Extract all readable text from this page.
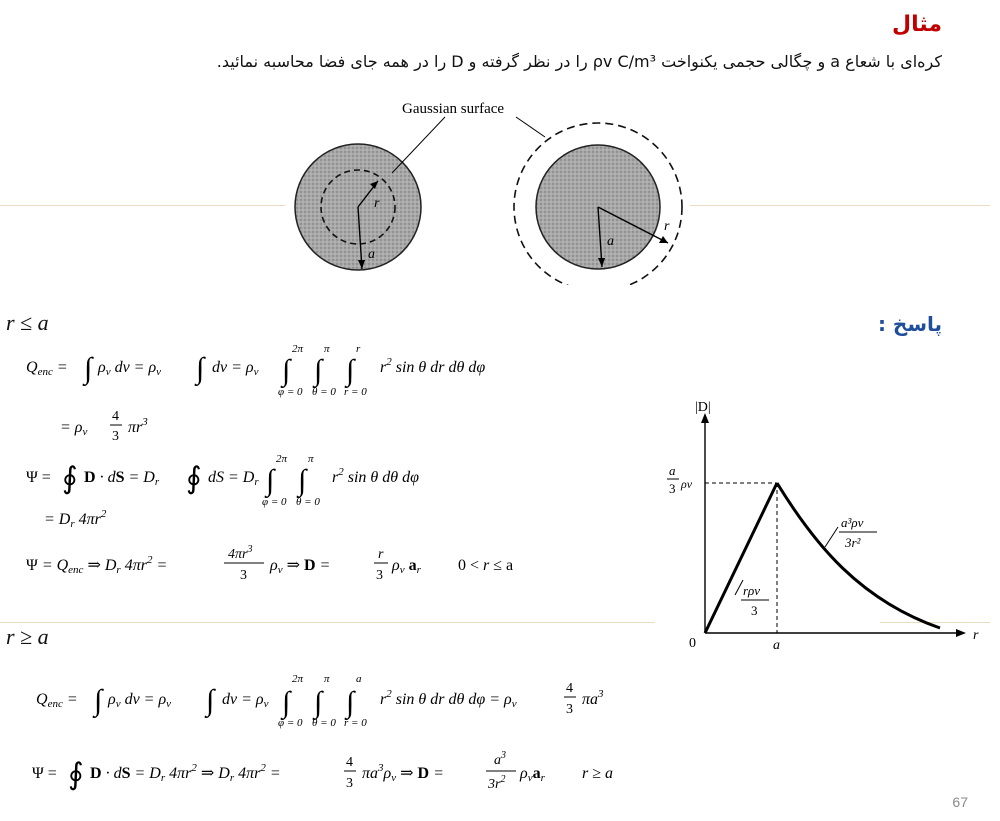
مثال
کره‌ای با شعاع a و چگالی حجمی یکنواخت ρv C/m³ را در نظر گرفته و D را در همه جای فضا محاسبه نمائید.
r
a
r
a
Gaussian surface
پاسخ :
r ≤ a
Qenc = ∫ ρv dv = ρv ∫ dv = ρv ∫
2π
φ = 0
∫
π
θ = 0
∫
r
r = 0
$r^2$ sin θ dr dθ dφ
= ρv
4
3
$\pi r^3$
Ψ = ∮ D · dS = Dr ∮ dS = Dr ∫
2π
φ = 0
∫
π
θ = 0
$r^2$ sin θ dθ dφ
= Dr $4\pi r^2$
Ψ = Qenc ⇒ Dr $4\pi r^2$ =
$4\pi r^3$
3
ρv ⇒ D =
r
3
ρv ar 0 < r ≤ a
r ≥ a
Qenc = ∫ ρv dv = ρv ∫ dv = ρv ∫
2π
φ = 0
∫
π
θ = 0
∫
a
r = 0
$r^2$ sin θ dr dθ dφ = ρv
4
3
$\pi a^3$
Ψ = ∮ D · dS = Dr $4\pi r^2$ ⇒ Dr $4\pi r^2$ =
4
3
$\pi a^3\rho v$ ⇒ D =
$a^3$
$3r^2$ ρvar r ≥ a
|D|
r
0	a
a
3 ρv
rρv
3
a³ρv
3r²
67
